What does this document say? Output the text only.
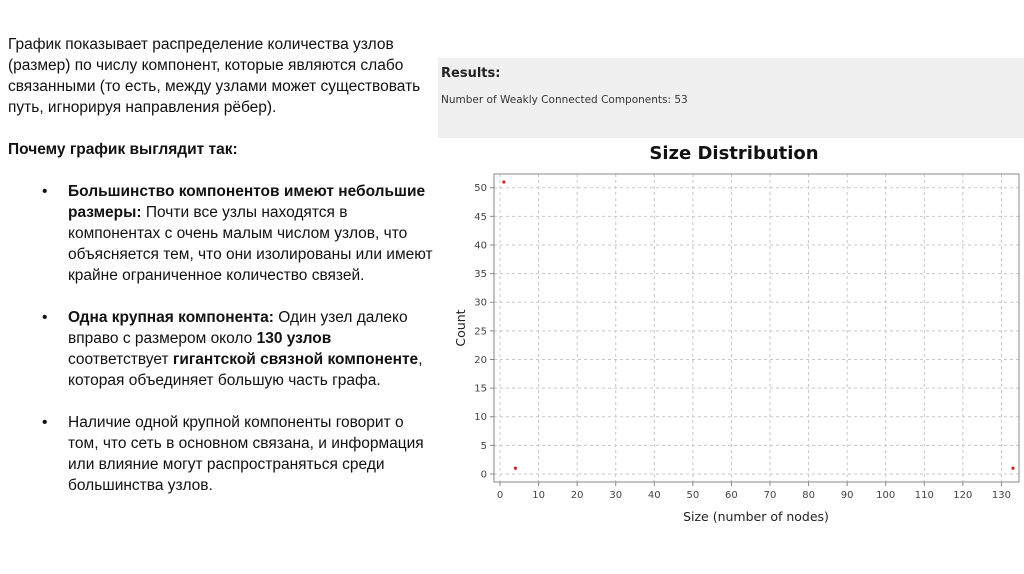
График показывает распределение количества узлов (размер) по числу компонент, которые являются слабо связанными (то есть, между узлами может существовать путь, игнорируя направления рёбер).

Почему график выглядит так:

• Большинство компонентов имеют небольшие размеры: Почти все узлы находятся в компонентах с очень малым числом узлов, что объясняется тем, что они изолированы или имеют крайне ограниченное количество связей.

• Одна крупная компонента: Один узел далеко вправо с размером около 130 узлов соответствует гигантской связной компоненте, которая объединяет большую часть графа.

• Наличие одной крупной компоненты говорит о том, что сеть в основном связана, и информация или влияние могут распространяться среди большинства узлов.

Results:
Number of Weakly Connected Components: 53
Size Distribution
0	10	20	30	40	50	60	70	80	90 100 110 120 130
0
5
10
15
20
25
30
35
40
45
50
Size (number of nodes)
Count
